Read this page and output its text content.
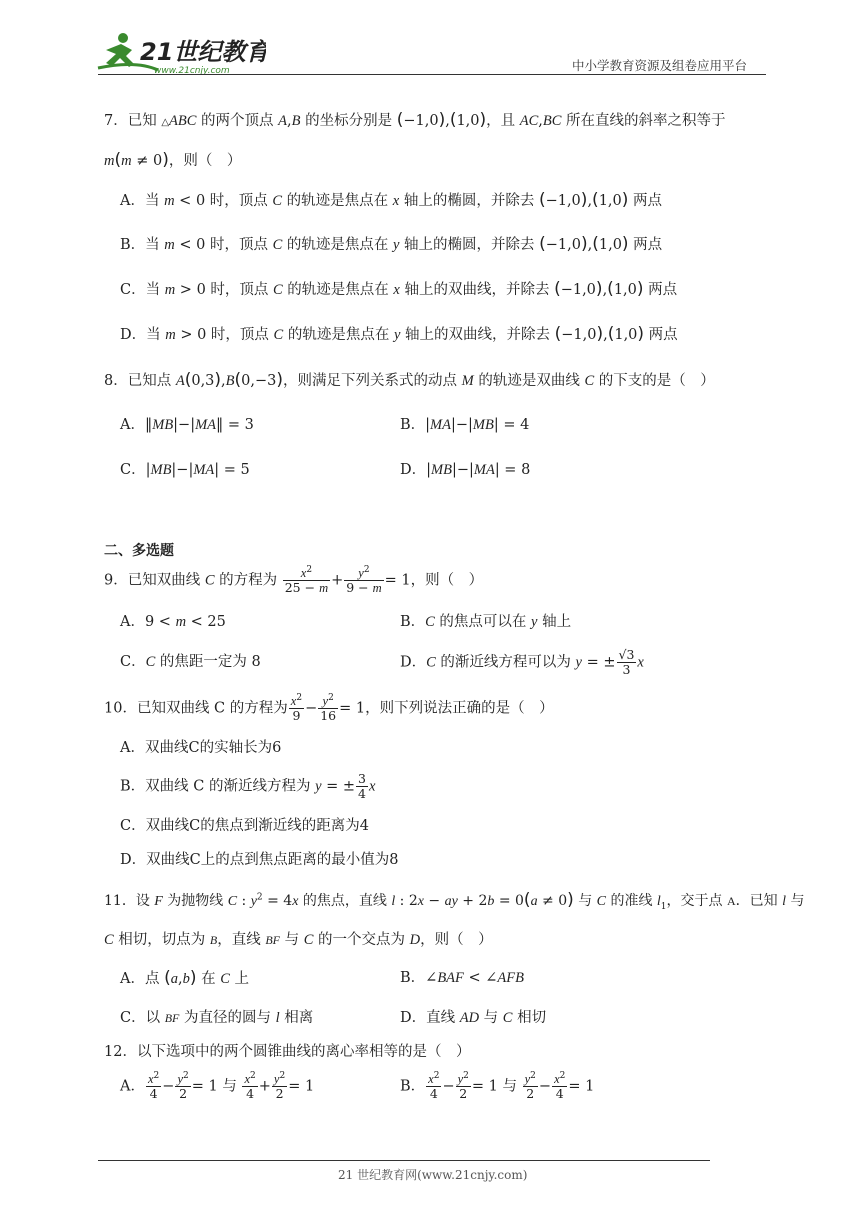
21世纪教育
www.21cnjy.com	中小学教育资源及组卷应用平台
7．已知 △ABC 的两个顶点 A,B 的坐标分别是 (−1,0),(1,0)，且 AC,BC 所在直线的斜率之积等于
m(m ≠ 0)，则（　）
A．当 m < 0 时，顶点 C 的轨迹是焦点在 x 轴上的椭圆，并除去 (−1,0),(1,0) 两点
B．当 m < 0 时，顶点 C 的轨迹是焦点在 y 轴上的椭圆，并除去 (−1,0),(1,0) 两点
C．当 m > 0 时，顶点 C 的轨迹是焦点在 x 轴上的双曲线，并除去 (−1,0),(1,0) 两点
D．当 m > 0 时，顶点 C 的轨迹是焦点在 y 轴上的双曲线，并除去 (−1,0),(1,0) 两点
8．已知点 A(0,3),B(0,−3)，则满足下列关系式的动点 M 的轨迹是双曲线 C 的下支的是（　）
A．‖MB|−|MA‖ = 3	B．|MA|−|MB| = 4
C．|MB|−|MA| = 5	D．|MB|−|MA| = 8
二、多选题
9．已知双曲线 C 的方程为 $\frac{x^2}{25 - m} + \frac{y^2}{9 - m} = 1$，则（　）
A．9 < m < 25	B．C 的焦点可以在 y 轴上
C．C 的焦距一定为 8	D．C 的渐近线方程可以为 y = ± $\frac{√3}{3}$ x
10．已知双曲线 C 的方程为 $\frac{x^2}{9} - \frac{y^2}{16} = 1$，则下列说法正确的是（　）
A．双曲线C的实轴长为6
B．双曲线 C 的渐近线方程为 y = ± $\frac{3}{4}$ x
C．双曲线C的焦点到渐近线的距离为4
D．双曲线C上的点到焦点距离的最小值为8
11．设 F 为抛物线 C : $y^2 = 4x$ 的焦点，直线 l : 2x − ay + 2b = 0(a ≠ 0) 与 C 的准线 $l_1$，交于点 A．已知 l 与
C 相切，切点为 B，直线 BF 与 C 的一个交点为 D，则（　）
A．点 (a,b) 在 C 上	B．∠BAF < ∠AFB
C．以 BF 为直径的圆与 l 相离	D．直线 AD 与 C 相切
12．以下选项中的两个圆锥曲线的离心率相等的是（　）
A． $\frac{x^2}{4} - \frac{y^2}{2} = 1$ 与 $\frac{x^2}{4} + \frac{y^2}{2} = 1$	B． $\frac{x^2}{4} - \frac{y^2}{2} = 1$ 与 $\frac{y^2}{2} - \frac{x^2}{4} = 1$
21 世纪教育网(www.21cnjy.com)
